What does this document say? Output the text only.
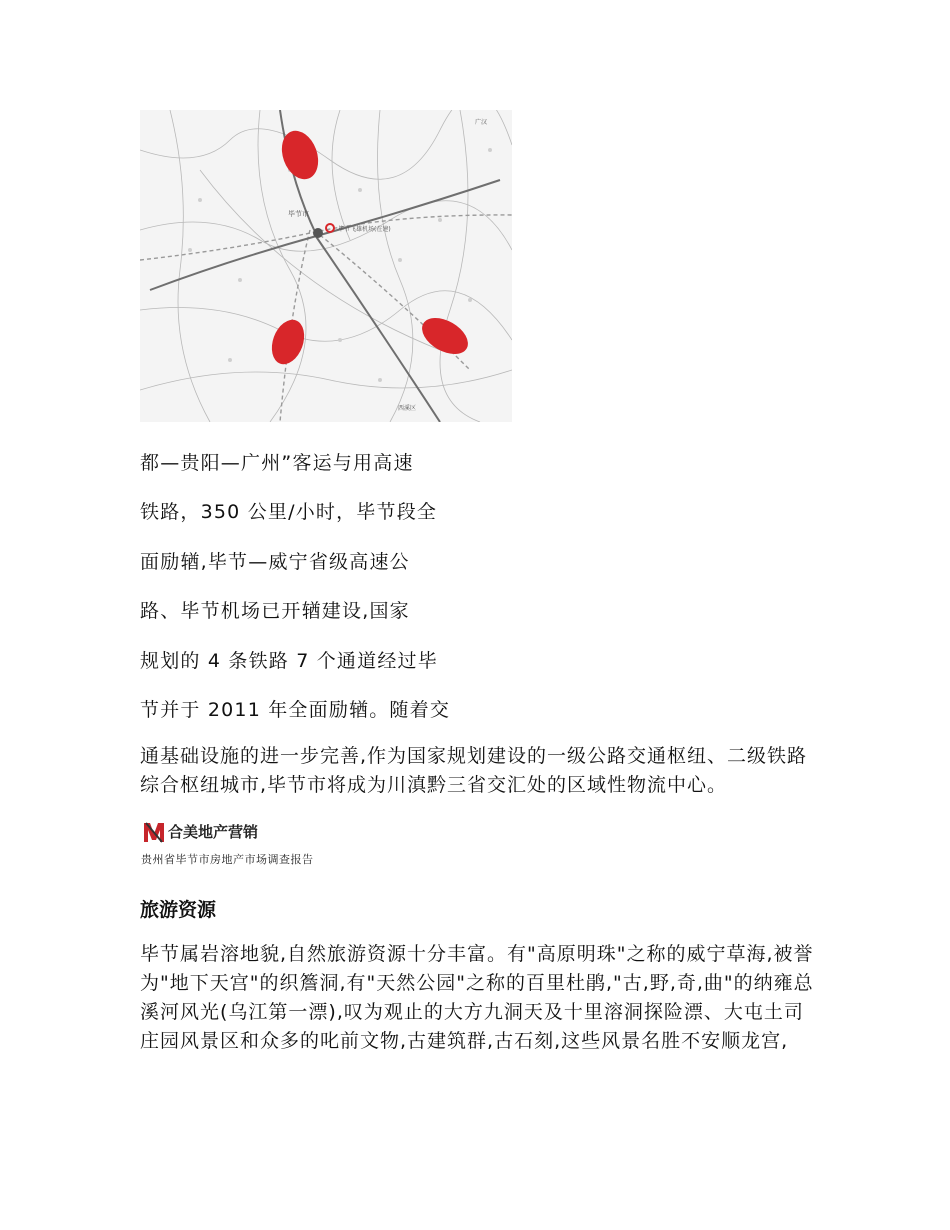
毕节市
毕节飞雄机场(在建)
广汉
西溪区
都—贵阳—广州”客运与用高速
铁路，350 公里/小时，毕节段全
面励𬨎,毕节—威宁省级高速公
路、毕节机场已开𬨎建设,国家
规划的 4 条铁路 7 个通道经过毕
节并于 2011 年全面励𬨎。随着交
通基础设施的进一步完善,作为国家规划建设的一级公路交通枢纽、二级铁路综合枢纽城市,毕节市将成为川滇黔三省交汇处的区域性物流中心。
合美地产营销
贵州省毕节市房地产市场调查报告
旅游资源
毕节属岩溶地貌,自然旅游资源十分丰富。有"高原明珠"之称的威宁草海,被誉为"地下天宫"的织簷洞,有"天然公园"之称的百里杜鹃,"古,野,奇,曲"的纳雍总溪河风光(乌江第一漂),叹为观止的大方九洞天及十里溶洞探险漂、大屯土司庄园风景区和众多的叱前文物,古建筑群,古石刻,这些风景名胜不安顺龙宫,
